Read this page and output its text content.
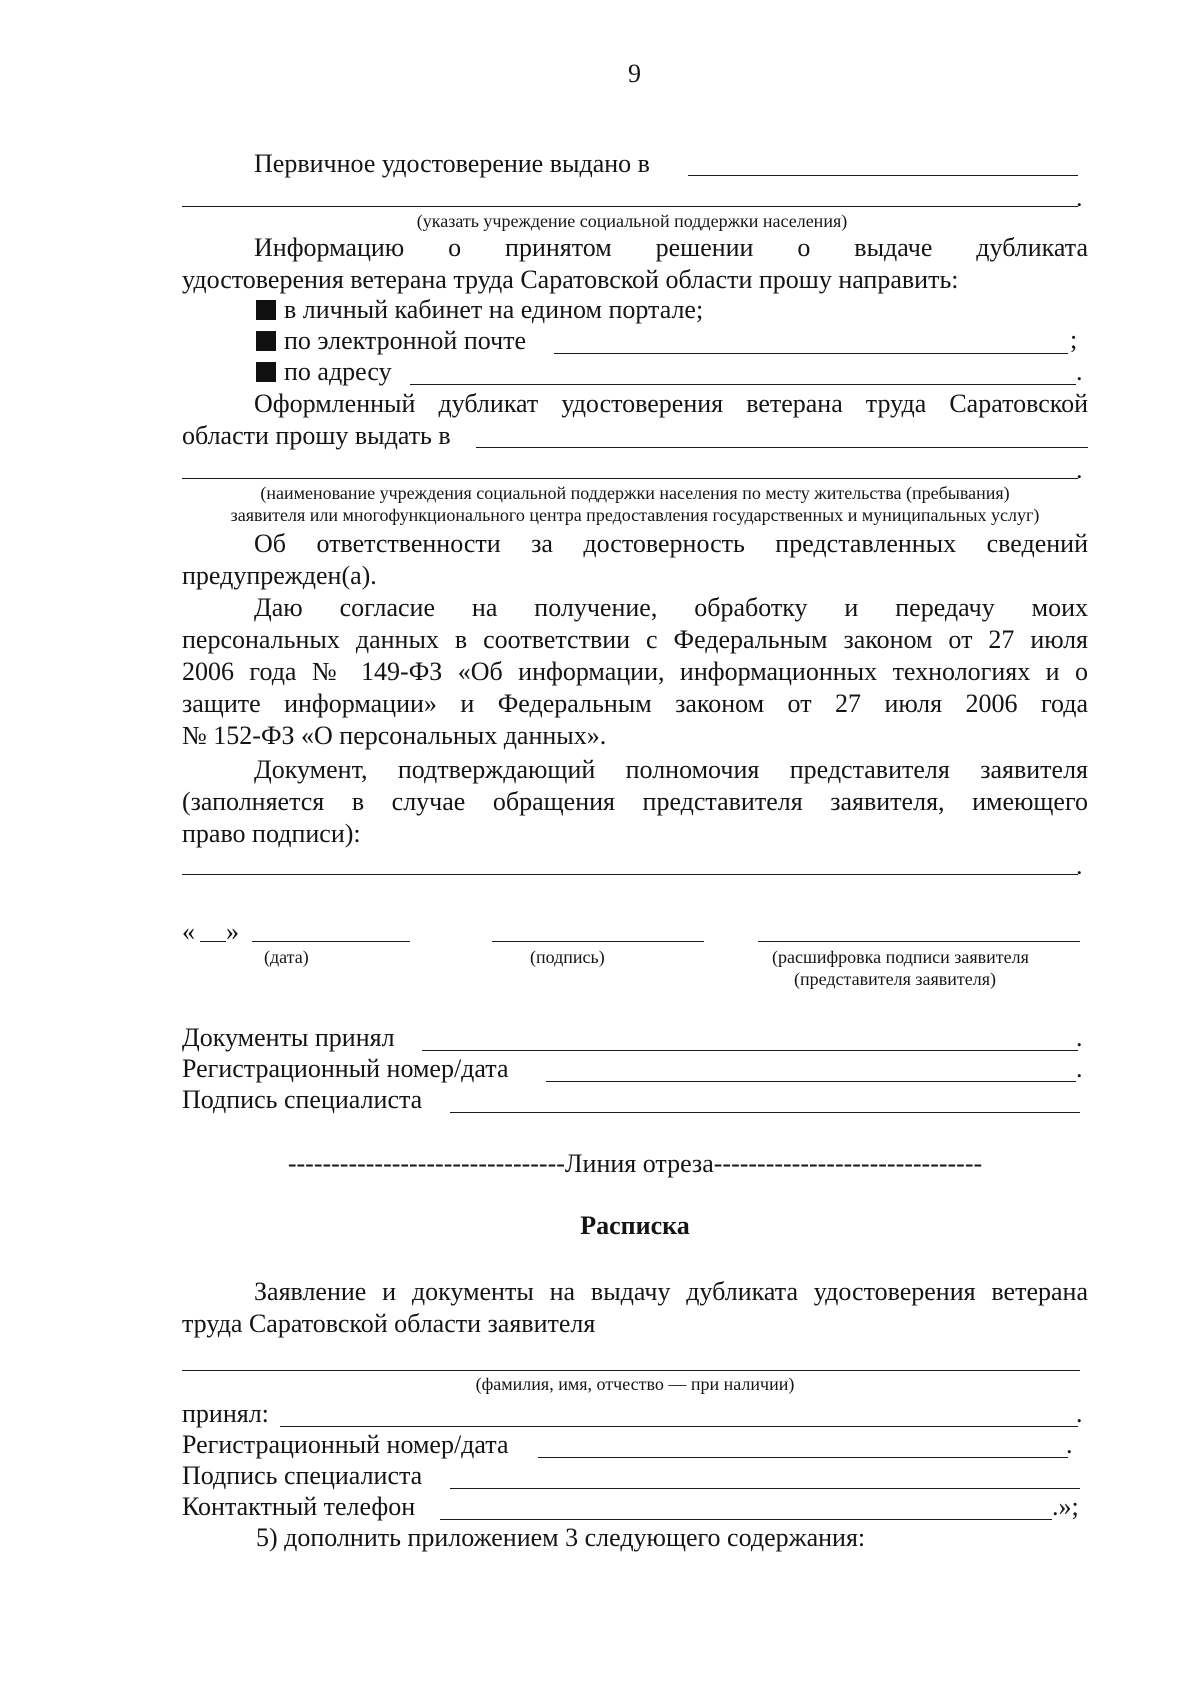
9
Первичное удостоверение выдано в
.
(указать учреждение социальной поддержки населения)
Информацию о принятом решении о выдаче дубликата
удостоверения ветерана труда Саратовской области прошу направить:
в личный кабинет на едином портале;
по электронной почте	;
по адресу	.
Оформленный дубликат удостоверения ветерана труда Саратовской
области прошу выдать в
.
(наименование учреждения социальной поддержки населения по месту жительства (пребывания)
заявителя или многофункционального центра предоставления государственных и муниципальных услуг)
Об ответственности за достоверность представленных сведений
предупрежден(а).
Даю согласие на получение, обработку и передачу моих
персональных данных в соответствии с Федеральным законом от 27 июля
2006 года № 149-ФЗ «Об информации, информационных технологиях и о
защите информации» и Федеральным законом от 27 июля 2006 года
№ 152-ФЗ «О персональных данных».
Документ, подтверждающий полномочия представителя заявителя
(заполняется в случае обращения представителя заявителя, имеющего
право подписи):
.
« »
(дата)	(подпись)	(расшифровка подписи заявителя
(представителя заявителя)
Документы принял	.
Регистрационный номер/дата	.
Подпись специалиста
--------------------------------Линия отреза-------------------------------
Расписка
Заявление и документы на выдачу дубликата удостоверения ветерана
труда Саратовской области заявителя
(фамилия, имя, отчество — при наличии)
принял:	.
Регистрационный номер/дата	.
Подпись специалиста
Контактный телефон	.»;
5) дополнить приложением 3 следующего содержания:
